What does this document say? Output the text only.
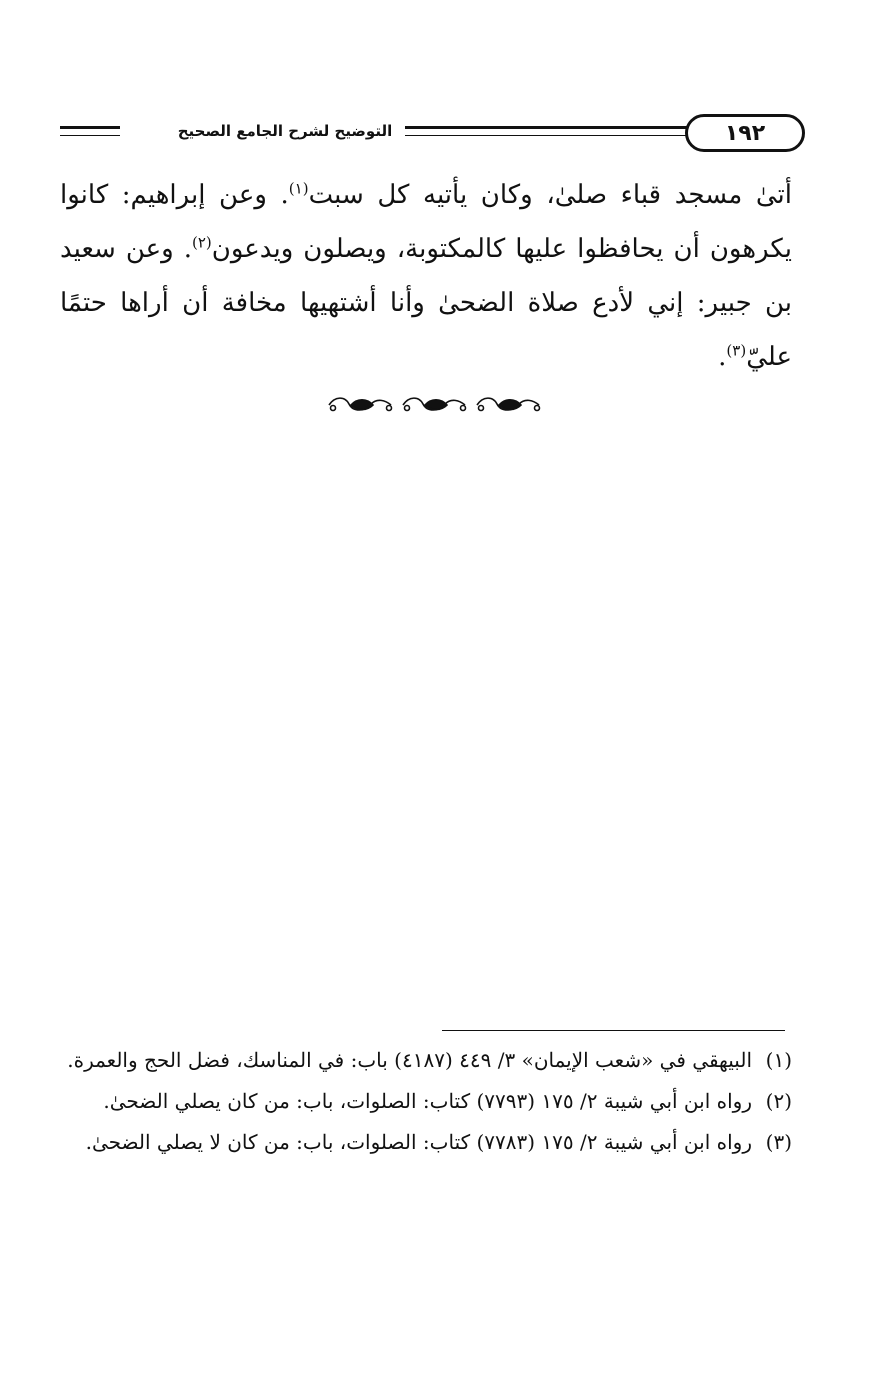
التوضيح لشرح الجامع الصحيح	١٩٢

أتىٰ مسجد قباء صلىٰ، وكان يأتيه كل سبت$^{(١)}$. وعن إبراهيم: كانوا يكرهون أن يحافظوا عليها كالمكتوبة، ويصلون ويدعون$^{(٢)}$. وعن سعيد بن جبير: إني لأدع صلاة الضحىٰ وأنا أشتهيها مخافة أن أراها حتمًا عليّ$^{(٣)}$.

(١)
البيهقي في «شعب الإيمان» ٣/ ٤٤٩ (٤١٨٧) باب: في المناسك، فضل الحج والعمرة.
(٢)
رواه ابن أبي شيبة ٢/ ١٧٥ (٧٧٩٣) كتاب: الصلوات، باب: من كان يصلي الضحىٰ.
(٣)
رواه ابن أبي شيبة ٢/ ١٧٥ (٧٧٨٣) كتاب: الصلوات، باب: من كان لا يصلي الضحىٰ.
